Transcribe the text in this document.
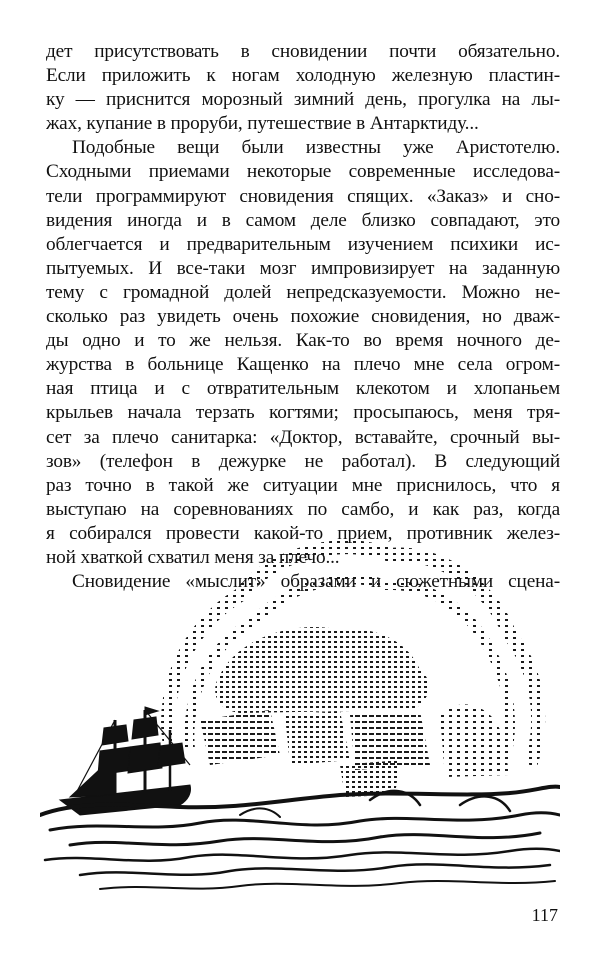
дет присутствовать в сновидении почти обязательно.
Если приложить к ногам холодную железную пластин-
ку — приснится морозный зимний день, прогулка на лы-
жах, купание в проруби, путешествие в Антарктиду...
Подобные вещи были известны уже Аристотелю.
Сходными приемами некоторые современные исследова-
тели программируют сновидения спящих. «Заказ» и сно-
видения иногда и в самом деле близко совпадают, это
облегчается и предварительным изучением психики ис-
пытуемых. И все-таки мозг импровизирует на заданную
тему с громадной долей непредсказуемости. Можно не-
сколько раз увидеть очень похожие сновидения, но дваж-
ды одно и то же нельзя. Как-то во время ночного де-
журства в больнице Кащенко на плечо мне села огром-
ная птица и с отвратительным клекотом и хлопаньем
крыльев начала терзать когтями; просыпаюсь, меня тря-
сет за плечо санитарка: «Доктор, вставайте, срочный вы-
зов» (телефон в дежурке не работал). В следующий
раз точно в такой же ситуации мне приснилось, что я
выступаю на соревнованиях по самбо, и как раз, когда
я собирался провести какой-то прием, противник желез-
ной хваткой схватил меня за плечо...
Сновидение «мыслит» образами и сюжетными сцена-
117
